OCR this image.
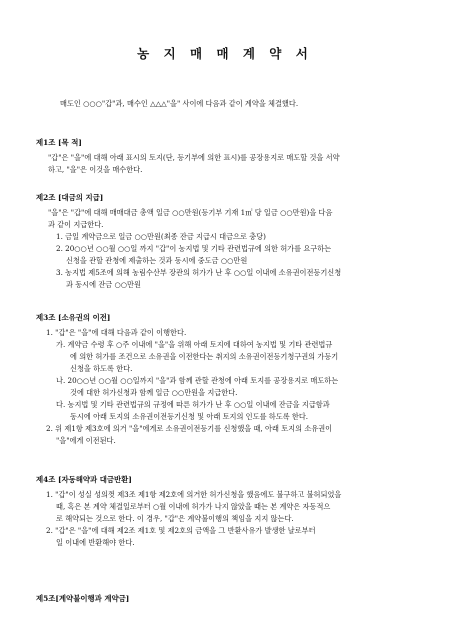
농 지 매 매 계 약 서

매도인 ○○○"갑"과, 매수인 △△△"을" 사이에 다음과 같이 계약을 체결했다.

제1조 [목 적]

"갑"은 "을"에 대해 아래 표시의 토지(단, 등기부에 의한 표시)를 공장용지로 매도할 것을 서약

하고, "을"은 이것을 매수한다.

제2조 [대금의 지급]

"을"은 "갑"에 대해 매매대금 총액 일금 ○○만원(등기부 기재 1㎡ 당 일금 ○○만원)을 다음

과 같이 지급한다.

1. 금일 계약금으로 일금 ○○만원(최종 잔금 지급시 대금으로 충당)

2. 20○○년 ○○월 ○○일 까지 "갑"이 농지법 및 기타 관련법규에 의한 허가를 요구하는

신청을 관할 관청에 제출하는 것과 동시에 중도금 ○○만원

3. 농지법 제5조에 의해 농림수산부 장관의 허가가 난 후 ○○일 이내에 소유권이전등기신청

과 동시에 잔금 ○○만원

제3조 [소유권의 이전]

1. "갑"은 "을"에 대해 다음과 같이 이행한다.

가. 계약금 수령 후 ○주 이내에 "을"을 위해 아래 토지에 대하여 농지법 및 기타 관련법규

에 의한 허가를 조건으로 소유권을 이전한다는 취지의 소유권이전등기청구권의 가등기

신청을 하도록 한다.

나. 20○○년 ○○월 ○○일까지 "을"과 함께 관할 관청에 아래 토지를 공장용지로 매도하는

것에 대한 허가신청과 함께 일금 ○○만원을 지급한다.

다. 농지법 및 기타 관련법규의 규정에 따른 허가가 난 후 ○○일 이내에 잔금을 지급함과

동시에 아래 토지의 소유권이전등기신청 및 아래 토지의 인도를 하도록 한다.

2. 위 제1항 제3호에 의거 "을"에게로 소유권이전등기를 신청했을 때, 아래 토지의 소유권이

"을"에게 이전된다.

제4조 [자동해약과 대금반환]

1. "갑"이 성실 성의껏 제3조 제1항 제2호에 의거한 허가신청을 했음에도 불구하고 불허되었을

때, 혹은 본 계약 체결일로부터 ○월 이내에 허가가 나지 않았을 때는 본 계약은 자동적으

로 해약되는 것으로 한다. 이 경우, "갑"은 계약불이행의 책임을 지지 않는다.

2. "갑"은 "을"에 대해 제2조 제1호 및 제2호의 금액을 그 반환사유가 발생한 날로부터

일 이내에 반환해야 한다.

제5조[계약불이행과 계약금]
